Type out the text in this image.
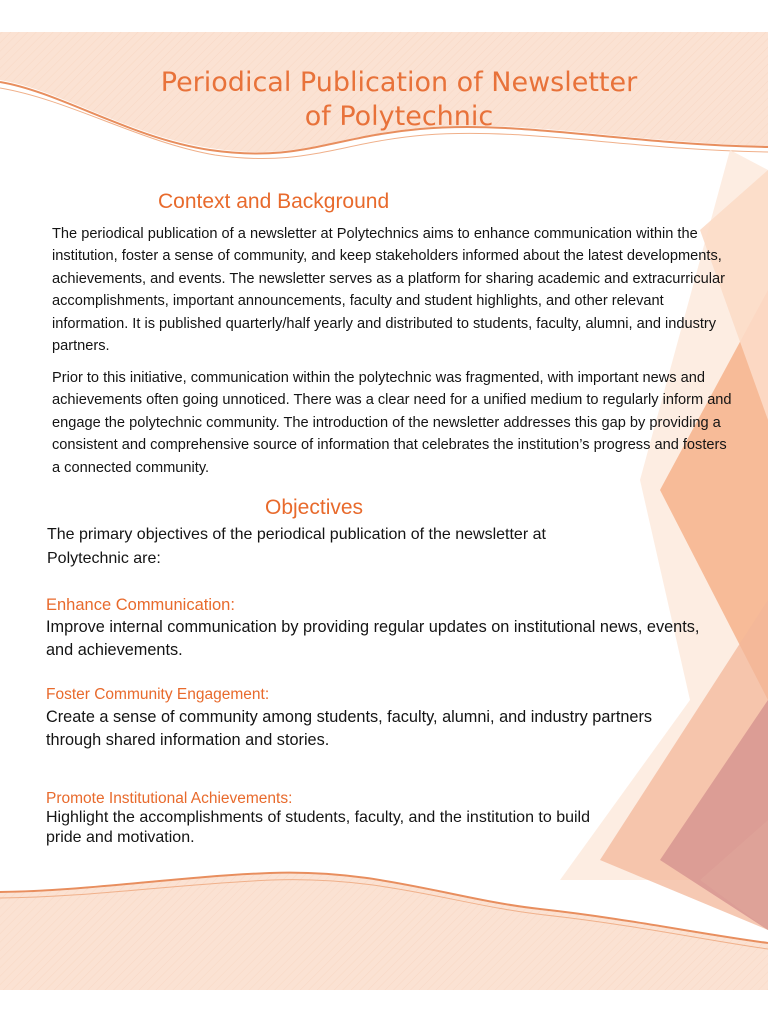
Periodical Publication of Newsletter
of Polytechnic
Context and Background

The periodical publication of a newsletter at Polytechnics aims to enhance communication within the institution, foster a sense of community, and keep stakeholders informed about the latest developments, achievements, and events. The newsletter serves as a platform for sharing academic and extracurricular accomplishments, important announcements, faculty and student highlights, and other relevant information. It is published quarterly/half yearly and distributed to students, faculty, alumni, and industry partners.

Prior to this initiative, communication within the polytechnic was fragmented, with important news and achievements often going unnoticed. There was a clear need for a unified medium to regularly inform and engage the polytechnic community. The introduction of the newsletter addresses this gap by providing a consistent and comprehensive source of information that celebrates the institution’s progress and fosters a connected community.

Objectives

The primary objectives of the periodical publication of the newsletter at Polytechnic are:

Enhance Communication:

Improve internal communication by providing regular updates on institutional news, events, and achievements.

Foster Community Engagement:

Create a sense of community among students, faculty, alumni, and industry partners through shared information and stories.

Promote Institutional Achievements:

Highlight the accomplishments of students, faculty, and the institution to build pride and motivation.
